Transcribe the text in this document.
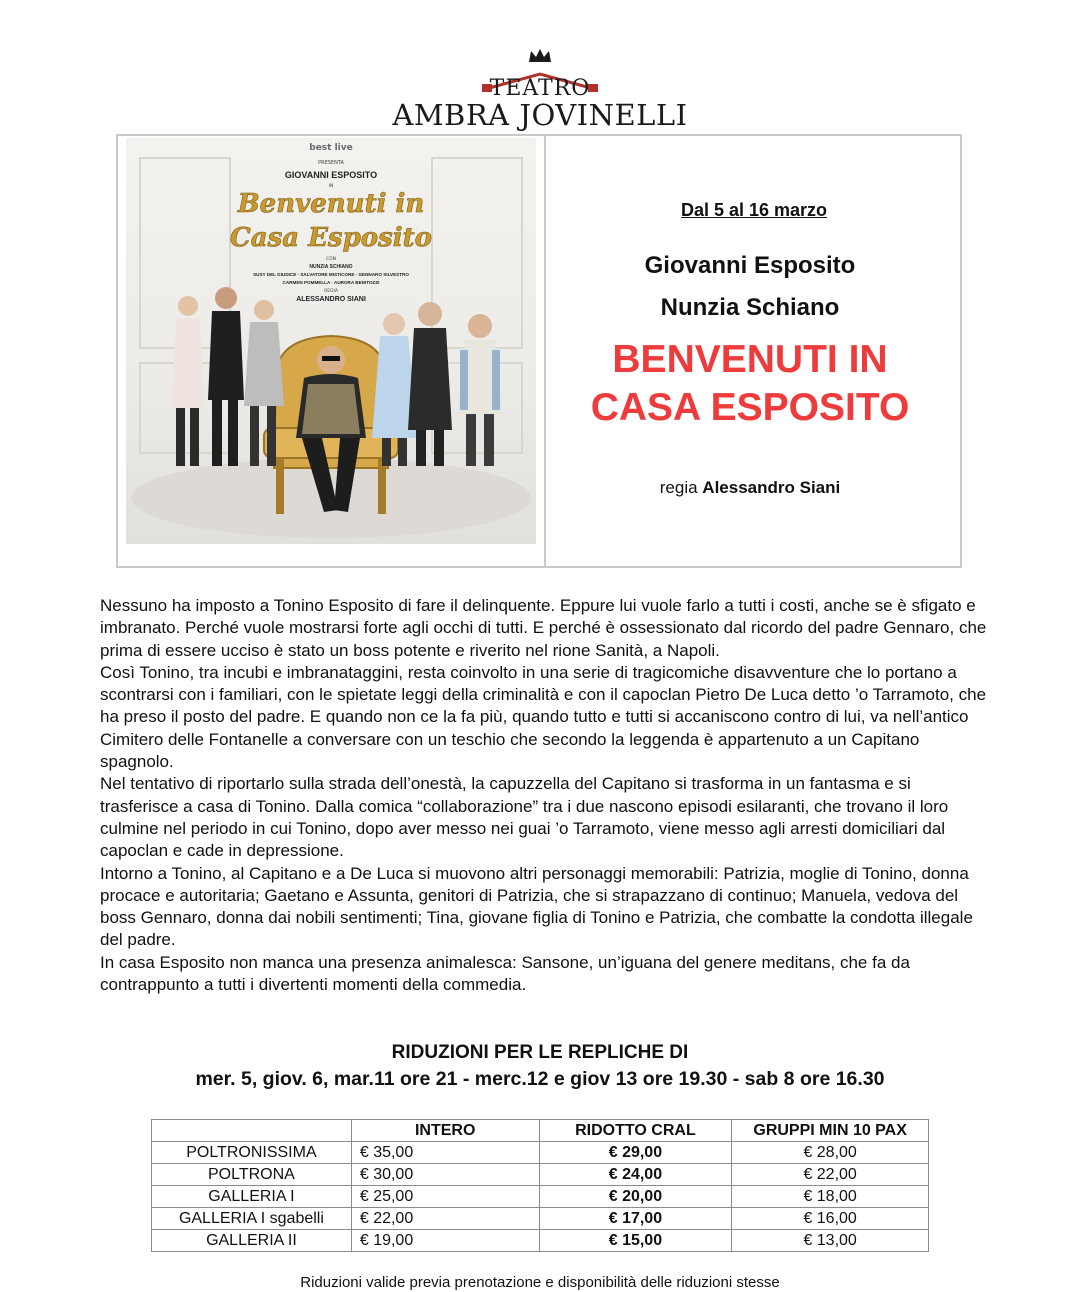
TEATRO
AMBRA JOVINELLI
best live
PRESENTA
GIOVANNI ESPOSITO
IN
Benvenuti in
Casa Esposito
CON
NUNZIA SCHIANO
SUSY DEL GIUDICE · SALVATORE MISTICONE · GENNARO SILVESTRO
CARMEN POMMELLA · AURORA BENITOZZI
REGIA
ALESSANDRO SIANI
Dal 5 al 16 marzo
Giovanni Esposito
Nunzia Schiano
BENVENUTI IN
CASA ESPOSITO
regia Alessandro Siani

Nessuno ha imposto a Tonino Esposito di fare il delinquente. Eppure lui vuole farlo a tutti i costi, anche se è sfigato e imbranato. Perché vuole mostrarsi forte agli occhi di tutti. E perché è ossessionato dal ricordo del padre Gennaro, che prima di essere ucciso è stato un boss potente e riverito nel rione Sanità, a Napoli.

Così Tonino, tra incubi e imbranataggini, resta coinvolto in una serie di tragicomiche disavventure che lo portano a scontrarsi con i familiari, con le spietate leggi della criminalità e con il capoclan Pietro De Luca detto ’o Tarramoto, che ha preso il posto del padre. E quando non ce la fa più, quando tutto e tutti si accaniscono contro di lui, va nell’antico Cimitero delle Fontanelle a conversare con un teschio che secondo la leggenda è appartenuto a un Capitano spagnolo.

Nel tentativo di riportarlo sulla strada dell’onestà, la capuzzella del Capitano si trasforma in un fantasma e si trasferisce a casa di Tonino. Dalla comica “collaborazione” tra i due nascono episodi esilaranti, che trovano il loro culmine nel periodo in cui Tonino, dopo aver messo nei guai ’o Tarramoto, viene messo agli arresti domiciliari dal capoclan e cade in depressione.

Intorno a Tonino, al Capitano e a De Luca si muovono altri personaggi memorabili: Patrizia, moglie di Tonino, donna procace e autoritaria; Gaetano e Assunta, genitori di Patrizia, che si strapazzano di continuo; Manuela, vedova del boss Gennaro, donna dai nobili sentimenti; Tina, giovane figlia di Tonino e Patrizia, che combatte la condotta illegale del padre.

In casa Esposito non manca una presenza animalesca: Sansone, un’iguana del genere meditans, che fa da contrappunto a tutti i divertenti momenti della commedia.

RIDUZIONI PER LE REPLICHE DI
mer. 5, giov. 6, mar.11 ore 21 - merc.12 e giov 13 ore 19.30 - sab 8 ore 16.30
	INTERO	RIDOTTO CRAL	GRUPPI MIN 10 PAX
POLTRONISSIMA	€ 35,00	€ 29,00	€ 28,00
POLTRONA	€ 30,00	€ 24,00	€ 22,00
GALLERIA I	€ 25,00	€ 20,00	€ 18,00
GALLERIA I sgabelli	€ 22,00	€ 17,00	€ 16,00
GALLERIA II	€ 19,00	€ 15,00	€ 13,00
Riduzioni valide previa prenotazione e disponibilità delle riduzioni stesse
